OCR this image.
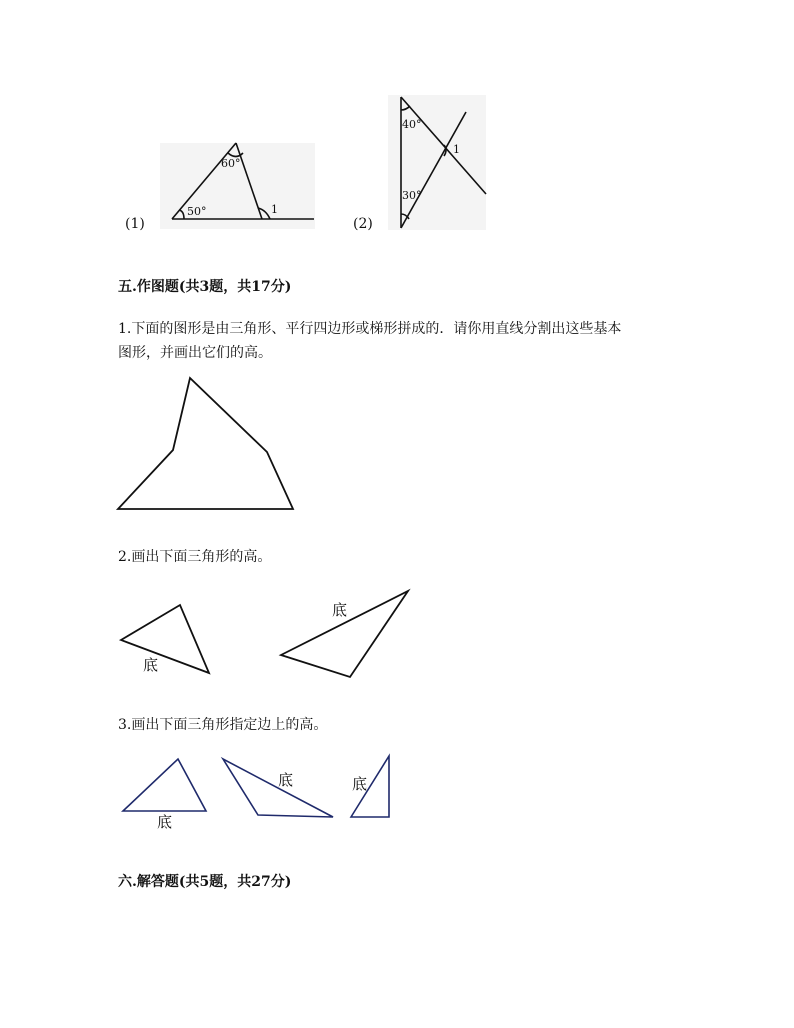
60°
50°	1
(1)
40°
30°
1
(2)
底
底
底
底	底
五.作图题(共3题，共17分)
1.下面的图形是由三角形、平行四边形或梯形拼成的．请你用直线分割出这些基本
图形，并画出它们的高。
2.画出下面三角形的高。
3.画出下面三角形指定边上的高。
六.解答题(共5题，共27分)
